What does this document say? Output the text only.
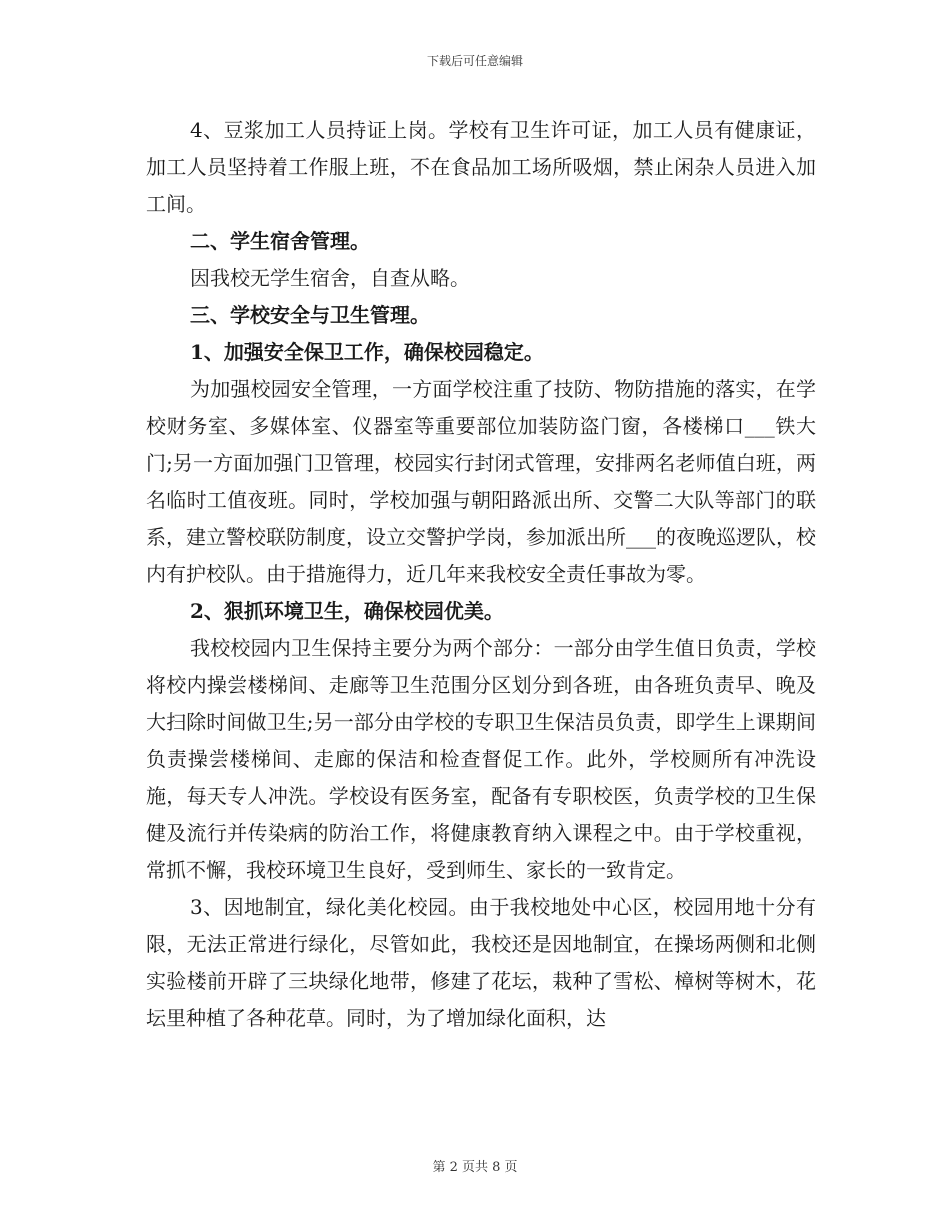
下载后可任意编辑

4、豆浆加工人员持证上岗。学校有卫生许可证，加工人员有健康证，加工人员坚持着工作服上班，不在食品加工场所吸烟，禁止闲杂人员进入加工间。

二、学生宿舍管理。

因我校无学生宿舍，自查从略。

三、学校安全与卫生管理。

1、加强安全保卫工作，确保校园稳定。

为加强校园安全管理，一方面学校注重了技防、物防措施的落实，在学校财务室、多媒体室、仪器室等重要部位加装防盗门窗，各楼梯口___铁大门;另一方面加强门卫管理，校园实行封闭式管理，安排两名老师值白班，两名临时工值夜班。同时，学校加强与朝阳路派出所、交警二大队等部门的联系，建立警校联防制度，设立交警护学岗，参加派出所___的夜晚巡逻队，校内有护校队。由于措施得力，近几年来我校安全责任事故为零。

2、狠抓环境卫生，确保校园优美。

我校校园内卫生保持主要分为两个部分：一部分由学生值日负责，学校将校内操尝楼梯间、走廊等卫生范围分区划分到各班，由各班负责早、晚及大扫除时间做卫生;另一部分由学校的专职卫生保洁员负责，即学生上课期间负责操尝楼梯间、走廊的保洁和检查督促工作。此外，学校厕所有冲洗设施，每天专人冲洗。学校设有医务室，配备有专职校医，负责学校的卫生保健及流行并传染病的防治工作，将健康教育纳入课程之中。由于学校重视，常抓不懈，我校环境卫生良好，受到师生、家长的一致肯定。

3、因地制宜，绿化美化校园。由于我校地处中心区，校园用地十分有限，无法正常进行绿化，尽管如此，我校还是因地制宜，在操场两侧和北侧实验楼前开辟了三块绿化地带，修建了花坛，栽种了雪松、樟树等树木，花坛里种植了各种花草。同时，为了增加绿化面积，达

第 2 页共 8 页
